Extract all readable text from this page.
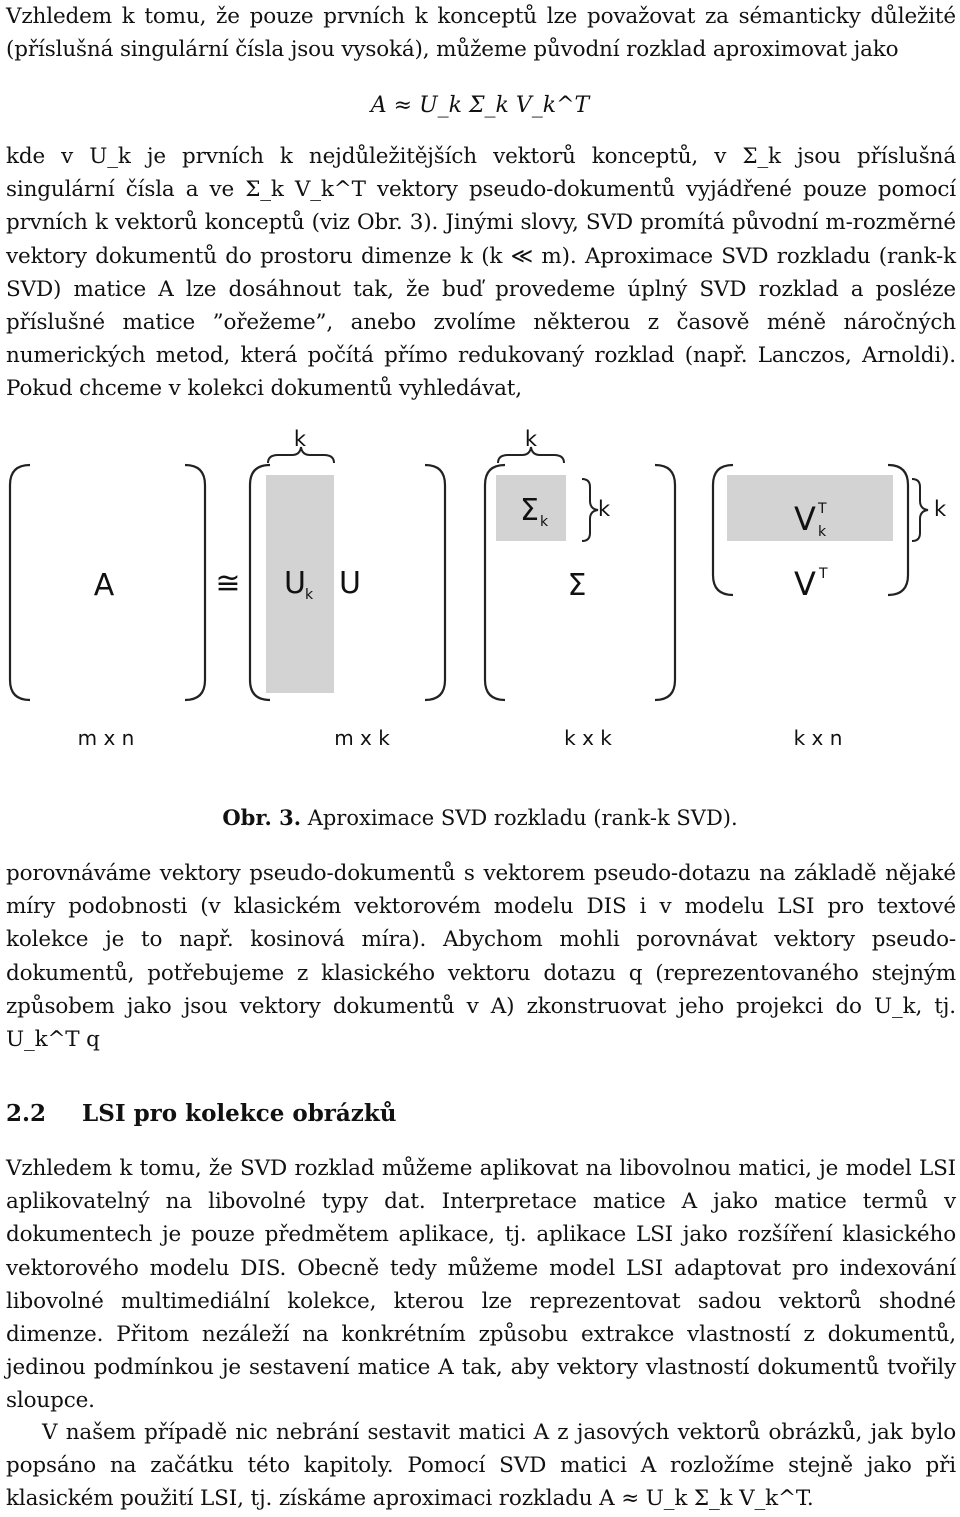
Vzhledem k tomu, že pouze prvních k konceptů lze považovat za sémanticky důležité (příslušná singulární čísla jsou vysoká), můžeme původní rozklad aproximovat jako

A ≈ U_k Σ_k V_k^T

kde v U_k je prvních k nejdůležitějších vektorů konceptů, v Σ_k jsou příslušná singulární čísla a ve Σ_k V_k^T vektory pseudo-dokumentů vyjádřené pouze pomocí prvních k vektorů konceptů (viz Obr. 3). Jinými slovy, SVD promítá původní m-rozměrné vektory dokumentů do prostoru dimenze k (k ≪ m). Aproximace SVD rozkladu (rank-k SVD) matice A lze dosáhnout tak, že buď provedeme úplný SVD rozklad a posléze příslušné matice ”ořežeme”, anebo zvolíme některou z časově méně náročných numerických metod, která počítá přímo redukovaný rozklad (např. Lanczos, Arnoldi). Pokud chceme v kolekci dokumentů vyhledávat,

k	k
k	k
A	≅ U k U
Σ k
Σ
V T
k
V T
m x n	m x k	k x k	k x n
Obr. 3. Aproximace SVD rozkladu (rank-k SVD).

porovnáváme vektory pseudo-dokumentů s vektorem pseudo-dotazu na základě nějaké míry podobnosti (v klasickém vektorovém modelu DIS i v modelu LSI pro textové kolekce je to např. kosinová míra). Abychom mohli porovnávat vektory pseudo-dokumentů, potřebujeme z klasického vektoru dotazu q (reprezentovaného stejným způsobem jako jsou vektory dokumentů v A) zkonstruovat jeho projekci do U_k, tj. U_k^T q

2.2 LSI pro kolekce obrázků

Vzhledem k tomu, že SVD rozklad můžeme aplikovat na libovolnou matici, je model LSI aplikovatelný na libovolné typy dat. Interpretace matice A jako matice termů v dokumentech je pouze předmětem aplikace, tj. aplikace LSI jako rozšíření klasického vektorového modelu DIS. Obecně tedy můžeme model LSI adaptovat pro indexování libovolné multimediální kolekce, kterou lze reprezentovat sadou vektorů shodné dimenze. Přitom nezáleží na konkrétním způsobu extrakce vlastností z dokumentů, jedinou podmínkou je sestavení matice A tak, aby vektory vlastností dokumentů tvořily sloupce.

V našem případě nic nebrání sestavit matici A z jasových vektorů obrázků, jak bylo popsáno na začátku této kapitoly. Pomocí SVD matici A rozložíme stejně jako při klasickém použití LSI, tj. získáme aproximaci rozkladu A ≈ U_k Σ_k V_k^T.
